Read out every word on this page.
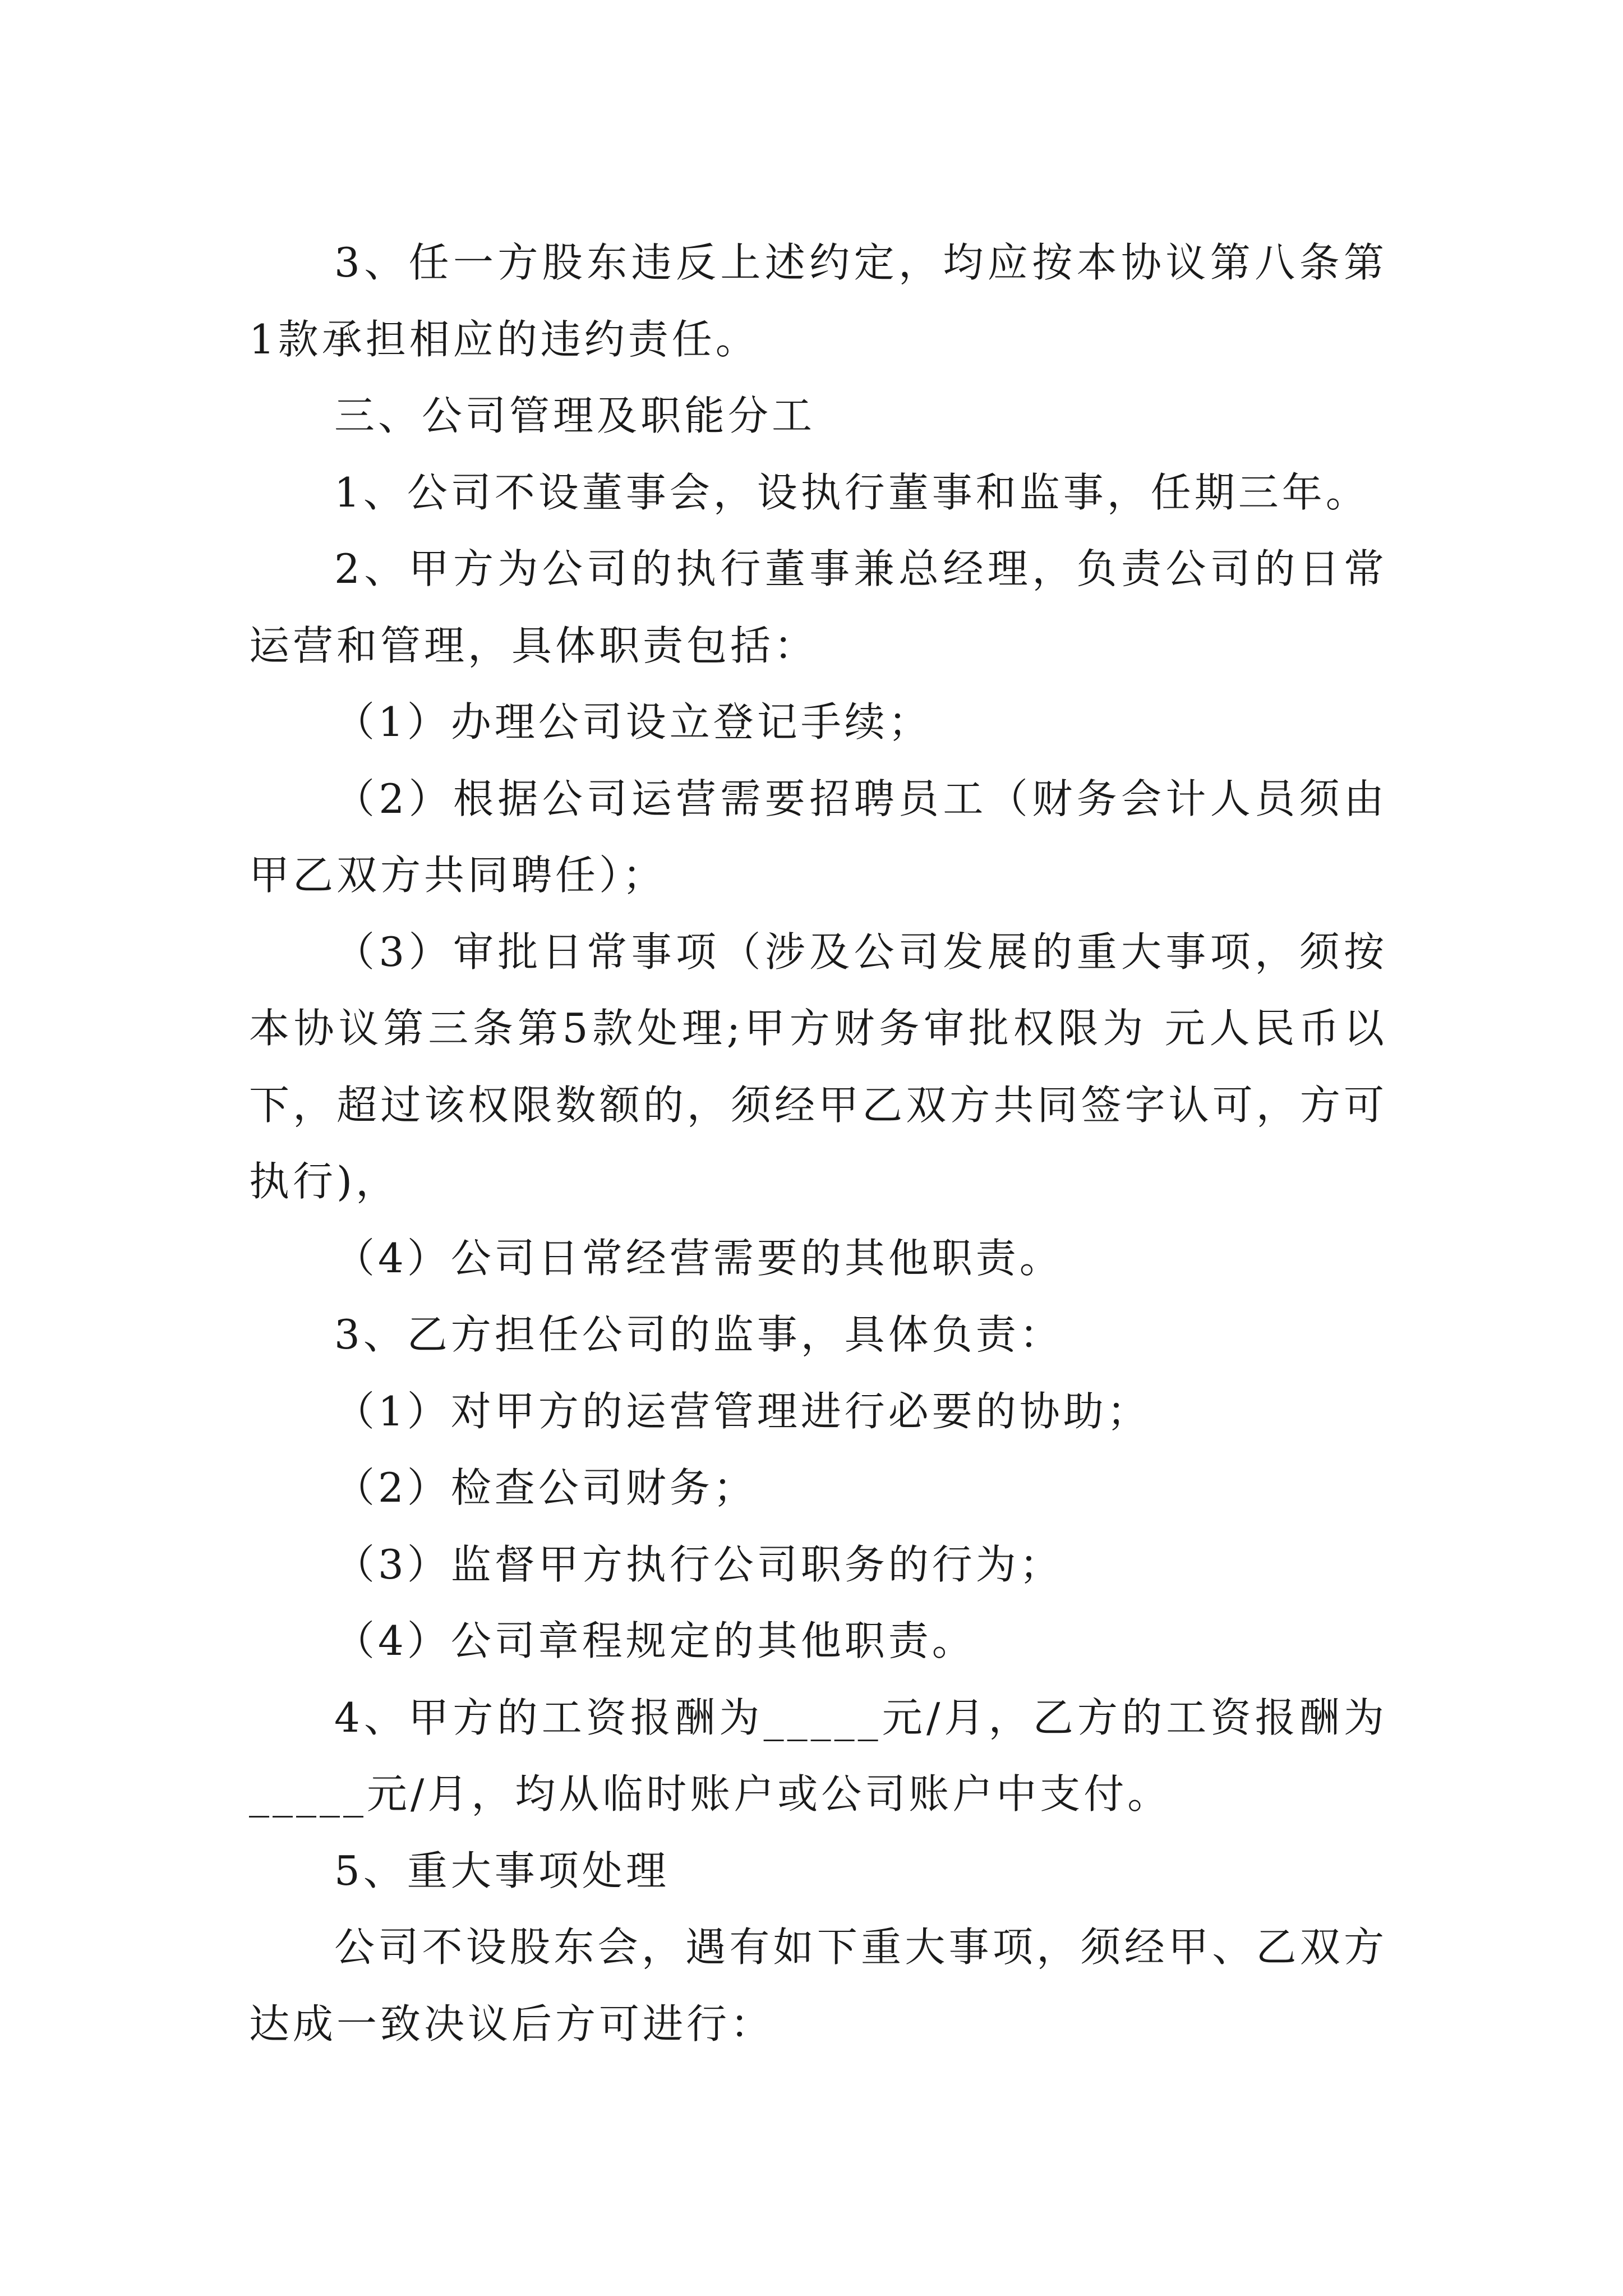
3、任一方股东违反上述约定，均应按本协议第八条第1款承担相应的违约责任。

三、公司管理及职能分工

1、公司不设董事会，设执行董事和监事，任期三年。

2、甲方为公司的执行董事兼总经理，负责公司的日常运营和管理，具体职责包括：

（1）办理公司设立登记手续；

（2）根据公司运营需要招聘员工（财务会计人员须由甲乙双方共同聘任）；

（3）审批日常事项（涉及公司发展的重大事项，须按本协议第三条第5款处理;甲方财务审批权限为 元人民币以下，超过该权限数额的，须经甲乙双方共同签字认可，方可执行)，

（4）公司日常经营需要的其他职责。

3、乙方担任公司的监事，具体负责：

（1）对甲方的运营管理进行必要的协助；

（2）检查公司财务；

（3）监督甲方执行公司职务的行为；

（4）公司章程规定的其他职责。

4、甲方的工资报酬为_____元/月，乙方的工资报酬为_____元/月，均从临时账户或公司账户中支付。

5、重大事项处理

公司不设股东会，遇有如下重大事项，须经甲、乙双方达成一致决议后方可进行：
